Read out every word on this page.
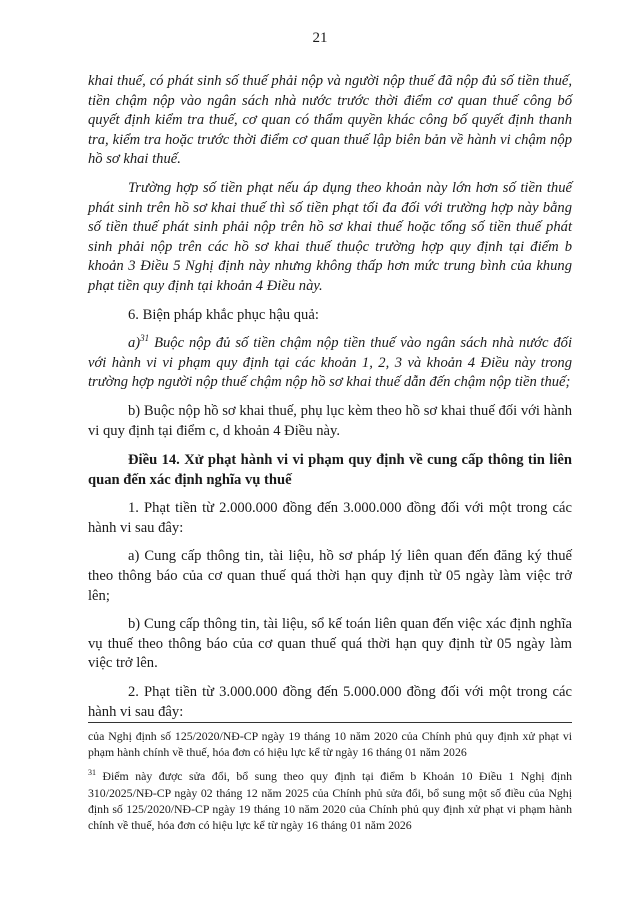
21

khai thuế, có phát sinh số thuế phải nộp và người nộp thuế đã nộp đủ số tiền thuế, tiền chậm nộp vào ngân sách nhà nước trước thời điểm cơ quan thuế công bố quyết định kiểm tra thuế, cơ quan có thẩm quyền khác công bố quyết định thanh tra, kiểm tra hoặc trước thời điểm cơ quan thuế lập biên bản về hành vi chậm nộp hồ sơ khai thuế.

Trường hợp số tiền phạt nếu áp dụng theo khoản này lớn hơn số tiền thuế phát sinh trên hồ sơ khai thuế thì số tiền phạt tối đa đối với trường hợp này bằng số tiền thuế phát sinh phải nộp trên hồ sơ khai thuế hoặc tổng số tiền thuế phát sinh phải nộp trên các hồ sơ khai thuế thuộc trường hợp quy định tại điểm b khoản 3 Điều 5 Nghị định này nhưng không thấp hơn mức trung bình của khung phạt tiền quy định tại khoản 4 Điều này.

6. Biện pháp khắc phục hậu quả:

a)$^{31}$ Buộc nộp đủ số tiền chậm nộp tiền thuế vào ngân sách nhà nước đối với hành vi vi phạm quy định tại các khoản 1, 2, 3 và khoản 4 Điều này trong trường hợp người nộp thuế chậm nộp hồ sơ khai thuế dẫn đến chậm nộp tiền thuế;

b) Buộc nộp hồ sơ khai thuế, phụ lục kèm theo hồ sơ khai thuế đối với hành vi quy định tại điểm c, d khoản 4 Điều này.

Điều 14. Xử phạt hành vi vi phạm quy định về cung cấp thông tin liên quan đến xác định nghĩa vụ thuế

1. Phạt tiền từ 2.000.000 đồng đến 3.000.000 đồng đối với một trong các hành vi sau đây:

a) Cung cấp thông tin, tài liệu, hồ sơ pháp lý liên quan đến đăng ký thuế theo thông báo của cơ quan thuế quá thời hạn quy định từ 05 ngày làm việc trở lên;

b) Cung cấp thông tin, tài liệu, sổ kế toán liên quan đến việc xác định nghĩa vụ thuế theo thông báo của cơ quan thuế quá thời hạn quy định từ 05 ngày làm việc trở lên.

2. Phạt tiền từ 3.000.000 đồng đến 5.000.000 đồng đối với một trong các hành vi sau đây:

của Nghị định số 125/2020/NĐ-CP ngày 19 tháng 10 năm 2020 của Chính phủ quy định xử phạt vi phạm hành chính về thuế, hóa đơn có hiệu lực kể từ ngày 16 tháng 01 năm 2026

$^{31}$ Điểm này được sửa đổi, bổ sung theo quy định tại điểm b Khoản 10 Điều 1 Nghị định 310/2025/NĐ-CP ngày 02 tháng 12 năm 2025 của Chính phủ sửa đổi, bổ sung một số điều của Nghị định số 125/2020/NĐ-CP ngày 19 tháng 10 năm 2020 của Chính phủ quy định xử phạt vi phạm hành chính về thuế, hóa đơn có hiệu lực kể từ ngày 16 tháng 01 năm 2026
